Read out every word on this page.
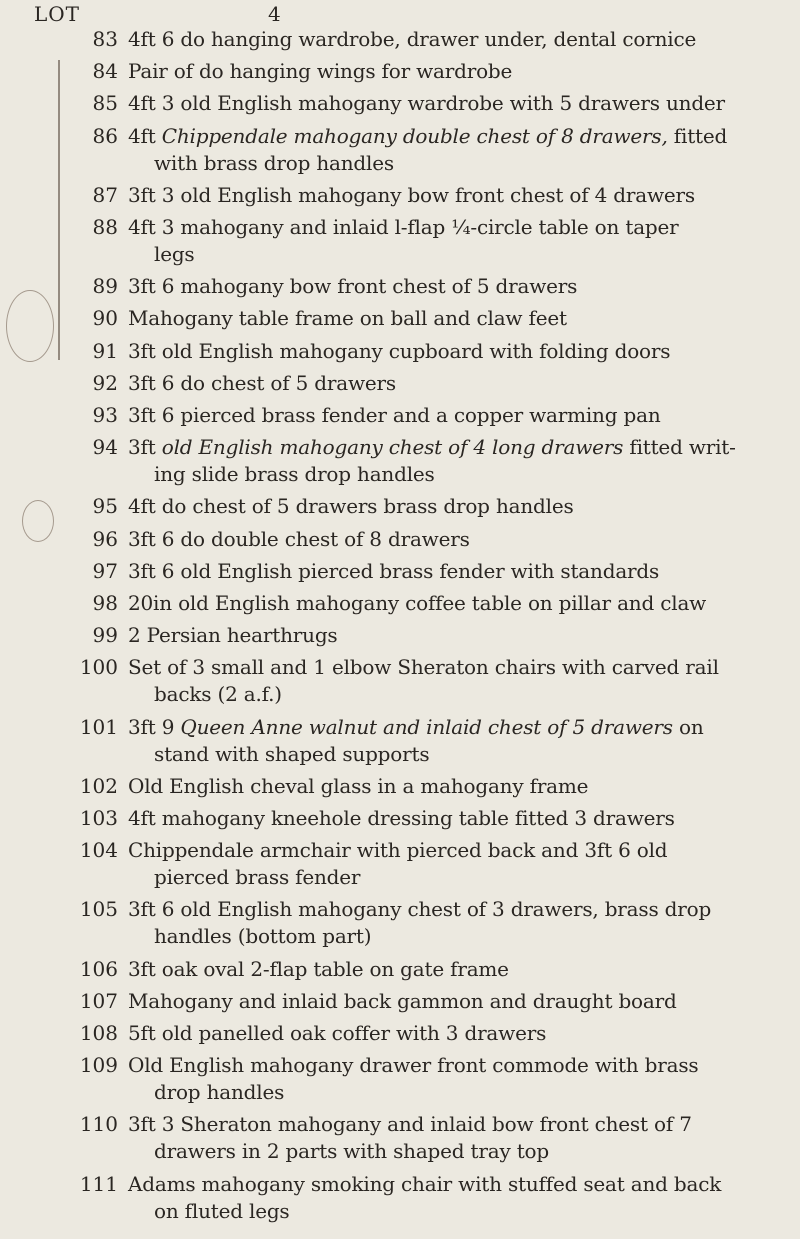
LOT	4
83 4ft 6 do hanging wardrobe, drawer under, dental cornice
84 Pair of do hanging wings for wardrobe
85 4ft 3 old English mahogany wardrobe with 5 drawers under
86 4ft Chippendale mahogany double chest of 8 drawers, fitted
with brass drop handles
87 3ft 3 old English mahogany bow front chest of 4 drawers
88 4ft 3 mahogany and inlaid l-flap ¼-circle table on taper
legs
89 3ft 6 mahogany bow front chest of 5 drawers
90 Mahogany table frame on ball and claw feet
91 3ft old English mahogany cupboard with folding doors
92 3ft 6 do chest of 5 drawers
93 3ft 6 pierced brass fender and a copper warming pan
94 3ft old English mahogany chest of 4 long drawers fitted writ-
ing slide brass drop handles
95 4ft do chest of 5 drawers brass drop handles
96 3ft 6 do double chest of 8 drawers
97 3ft 6 old English pierced brass fender with standards
98 20in old English mahogany coffee table on pillar and claw
99 2 Persian hearthrugs
100 Set of 3 small and 1 elbow Sheraton chairs with carved rail
backs (2 a.f.)
101 3ft 9 Queen Anne walnut and inlaid chest of 5 drawers on
stand with shaped supports
102 Old English cheval glass in a mahogany frame
103 4ft mahogany kneehole dressing table fitted 3 drawers
104 Chippendale armchair with pierced back and 3ft 6 old
pierced brass fender
105 3ft 6 old English mahogany chest of 3 drawers, brass drop
handles (bottom part)
106 3ft oak oval 2-flap table on gate frame
107 Mahogany and inlaid back gammon and draught board
108 5ft old panelled oak coffer with 3 drawers
109 Old English mahogany drawer front commode with brass
drop handles
110 3ft 3 Sheraton mahogany and inlaid bow front chest of 7
drawers in 2 parts with shaped tray top
111 Adams mahogany smoking chair with stuffed seat and back
on fluted legs
